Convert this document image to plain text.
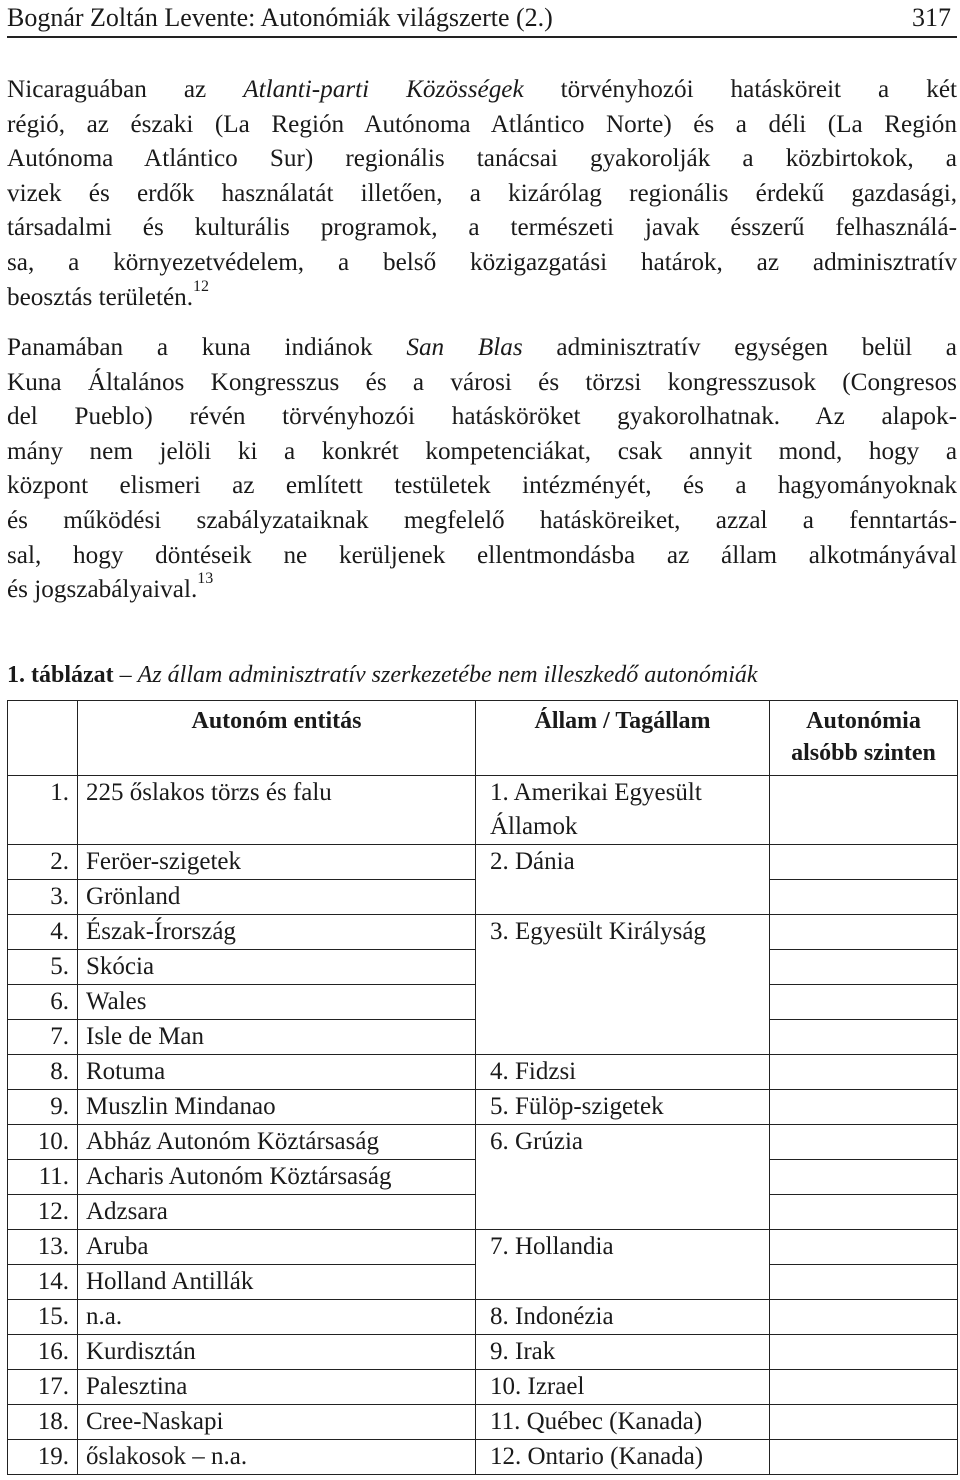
Bognár Zoltán Levente: Autonómiák világszerte (2.)	317
Nicaraguában az Atlanti-parti Közösségek törvényhozói hatásköreit a két
régió, az északi (La Región Autónoma Atlántico Norte) és a déli (La Región
Autónoma Atlántico Sur) regionális tanácsai gyakorolják a közbirtokok, a
vizek és erdők használatát illetően, a kizárólag regionális érdekű gazdasági,
társadalmi és kulturális programok, a természeti javak ésszerű felhasználá-
sa, a környezetvédelem, a belső közigazgatási határok, az adminisztratív
beosztás területén.$^{12}$
Panamában a kuna indiánok San Blas adminisztratív egységen belül a
Kuna Általános Kongresszus és a városi és törzsi kongresszusok (Congresos
del Pueblo) révén törvényhozói hatásköröket gyakorolhatnak. Az alapok-
mány nem jelöli ki a konkrét kompetenciákat, csak annyit mond, hogy a
központ elismeri az említett testületek intézményét, és a hagyományoknak
és működési szabályzataiknak megfelelő hatásköreiket, azzal a fenntartás-
sal, hogy döntéseik ne kerüljenek ellentmondásba az állam alkotmányával
és jogszabályaival.$^{13}$
1. táblázat – Az állam adminisztratív szerkezetébe nem illeszkedő autonómiák
	Autonóm entitás	Állam / Tagállam	Autonómia alsóbb szinten
1.	225 őslakos törzs és falu	1. Amerikai Egyesült Államok	
2.	Feröer-szigetek	2. Dánia	
3.	Grönland		
4.	Észak-Írország	3. Egyesült Királyság	
5.	Skócia		
6.	Wales		
7.	Isle de Man		
8.	Rotuma	4. Fidzsi	
9.	Muszlin Mindanao	5. Fülöp-szigetek	
10.	Abház Autonóm Köztársaság	6. Grúzia	
11.	Acharis Autonóm Köztársaság		
12.	Adzsara		
13.	Aruba	7. Hollandia	
14.	Holland Antillák		
15.	n.a.	8. Indonézia	
16.	Kurdisztán	9. Irak	
17.	Palesztina	10. Izrael	
18.	Cree-Naskapi	11. Québec (Kanada)	
19.	őslakosok – n.a.	12. Ontario (Kanada)	
